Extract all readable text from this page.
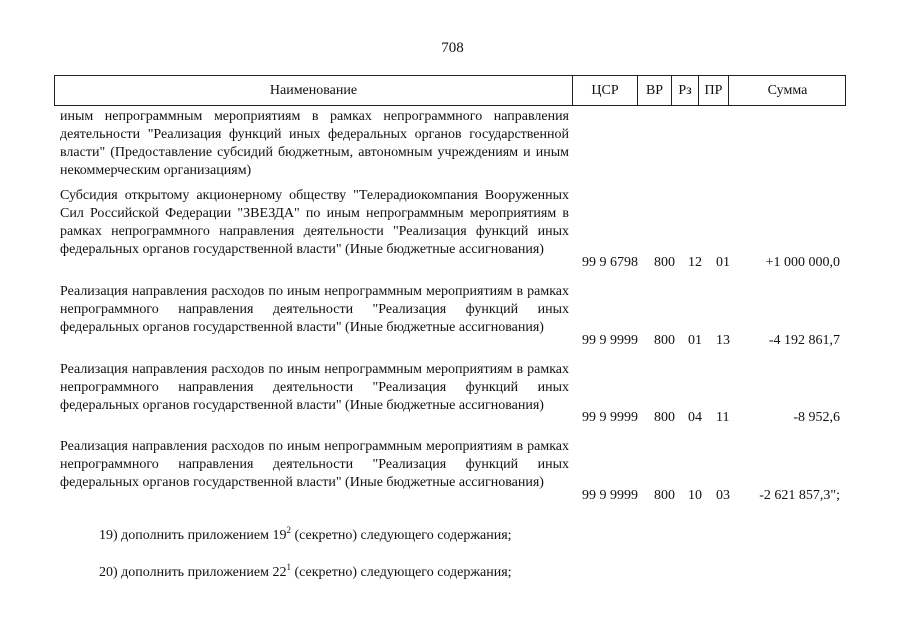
708
Наименование	ЦСР	ВР	Рз ПР	Сумма
иным непрограммным мероприятиям в рамках непрограммного направления деятельности "Реализация функций иных федеральных органов государственной власти" (Предоставление субсидий бюджетным, автономным учреждениям и иным некоммерческим организациям)
Субсидия открытому акционерному обществу "Телерадиокомпания Вооруженных Сил Российской Федерации "ЗВЕЗДА" по иным непрограммным мероприятиям в рамках непрограммного направления деятельности "Реализация функций иных федеральных органов государственной власти" (Иные бюджетные ассигнования)
99 9 6798 800 12 01	+1 000 000,0
Реализация направления расходов по иным непрограммным мероприятиям в рамках непрограммного направления деятельности "Реализация функций иных федеральных органов государственной власти" (Иные бюджетные ассигнования)
99 9 9999 800 01 13	-4 192 861,7
Реализация направления расходов по иным непрограммным мероприятиям в рамках непрограммного направления деятельности "Реализация функций иных федеральных органов государственной власти" (Иные бюджетные ассигнования)
99 9 9999 800 04 11	-8 952,6
Реализация направления расходов по иным непрограммным мероприятиям в рамках непрограммного направления деятельности "Реализация функций иных федеральных органов государственной власти" (Иные бюджетные ассигнования)
99 9 9999 800 10 03 -2 621 857,3";
19) дополнить приложением $19^2$ (секретно) следующего содержания;
20) дополнить приложением $22^1$ (секретно) следующего содержания;
